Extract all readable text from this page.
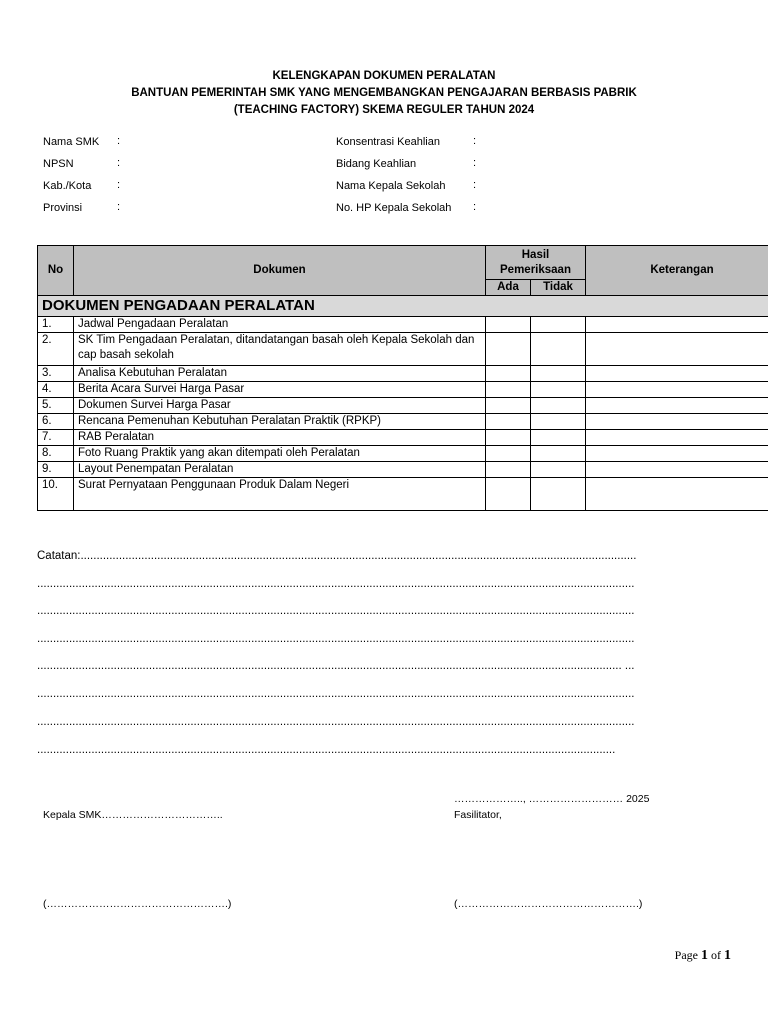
KELENGKAPAN DOKUMEN PERALATAN
BANTUAN PEMERINTAH SMK YANG MENGEMBANGKAN PENGAJARAN BERBASIS PABRIK
(TEACHING FACTORY) SKEMA REGULER TAHUN 2024
Nama SMK :
NPSN	:
Kab./Kota :
Provinsi	:
Konsentrasi Keahlian	:
Bidang Keahlian	:
Nama Kepala Sekolah	:
No. HP Kepala Sekolah :
No	Dokumen	Hasil Pemeriksaan		Keterangan
		Ada	Tidak	
DOKUMEN PENGADAAN PERALATAN				
1.	Jadwal Pengadaan Peralatan			
2.	SK Tim Pengadaan Peralatan, ditandatangan basah oleh Kepala Sekolah dan cap basah sekolah			
3.	Analisa Kebutuhan Peralatan			
4.	Berita Acara Survei Harga Pasar			
5.	Dokumen Survei Harga Pasar			
6.	Rencana Pemenuhan Kebutuhan Peralatan Praktik (RPKP)			
7.	RAB Peralatan			
8.	Foto Ruang Praktik yang akan ditempati oleh Peralatan			
9.	Layout Penempatan Peralatan			
10.	Surat Pernyataan Penggunaan Produk Dalam Negeri			
Catatan:..............................................................................................................................................................................
...........................................................................................................................................................................................
...........................................................................................................................................................................................
...........................................................................................................................................................................................
....................................................................................................................................................................................... ...
...........................................................................................................................................................................................
...........................................................................................................................................................................................
.....................................................................................................................................................................................
……………….., ……………………… 2025
Kepala SMK……………………………..	Fasilitator,
(…………………………………………….)	(…………………………………………….)
Page 1 of 1
